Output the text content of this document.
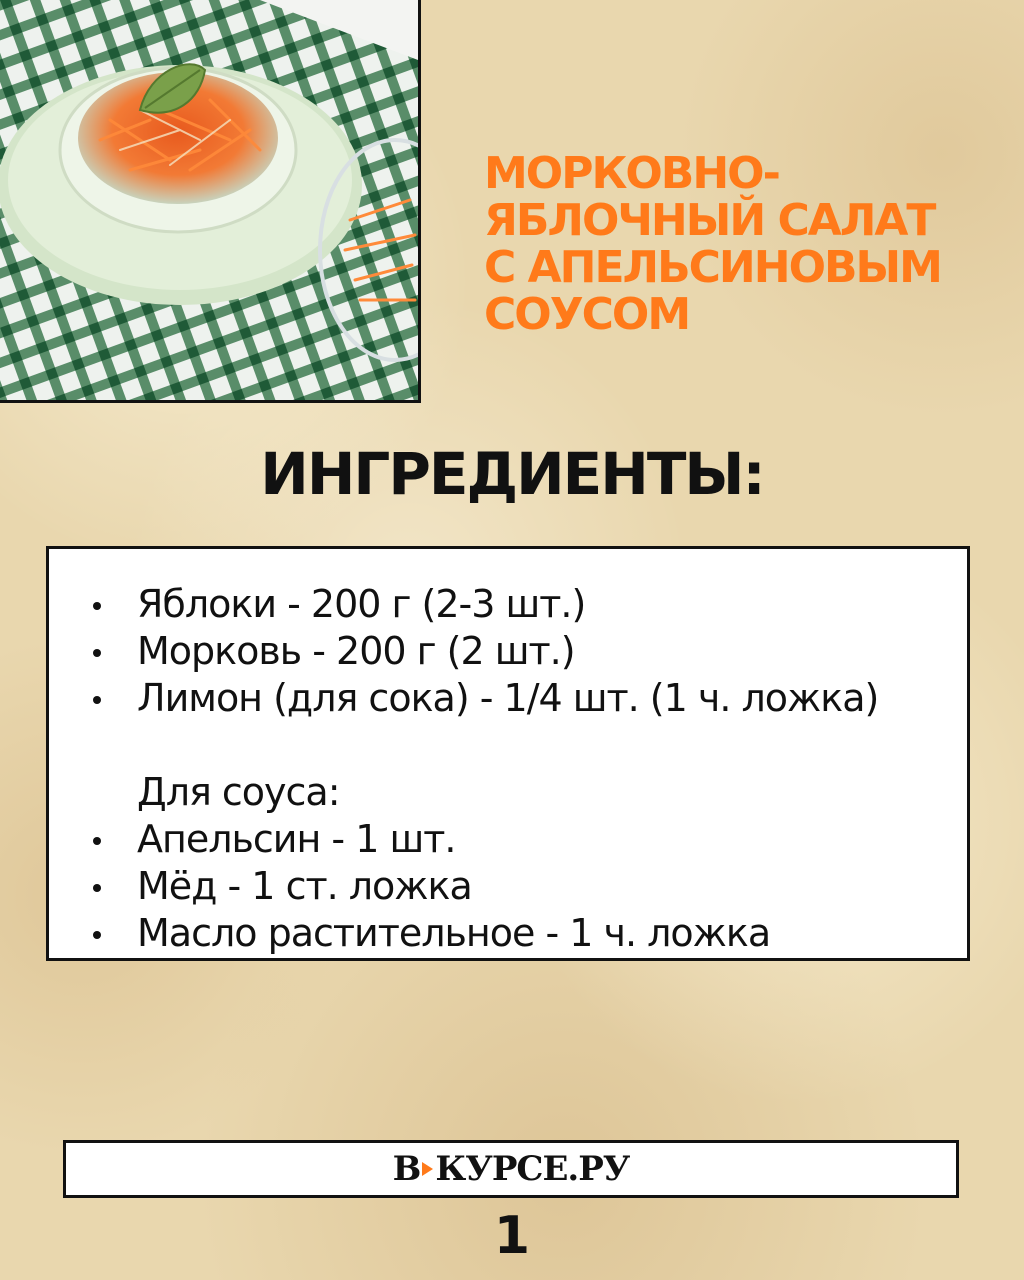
МОРКОВНО-
ЯБЛОЧНЫЙ САЛАТ
С АПЕЛЬСИНОВЫМ
СОУСОМ
ИНГРЕДИЕНТЫ:
Яблоки - 200 г (2-3 шт.)
Морковь - 200 г (2 шт.)
Лимон (для сока) - 1/4 шт. (1 ч. ложка)
Для соуса:
Апельсин - 1 шт.
Мёд - 1 ст. ложка
Масло растительное - 1 ч. ложка
В КУРСЕ.РУ
1
